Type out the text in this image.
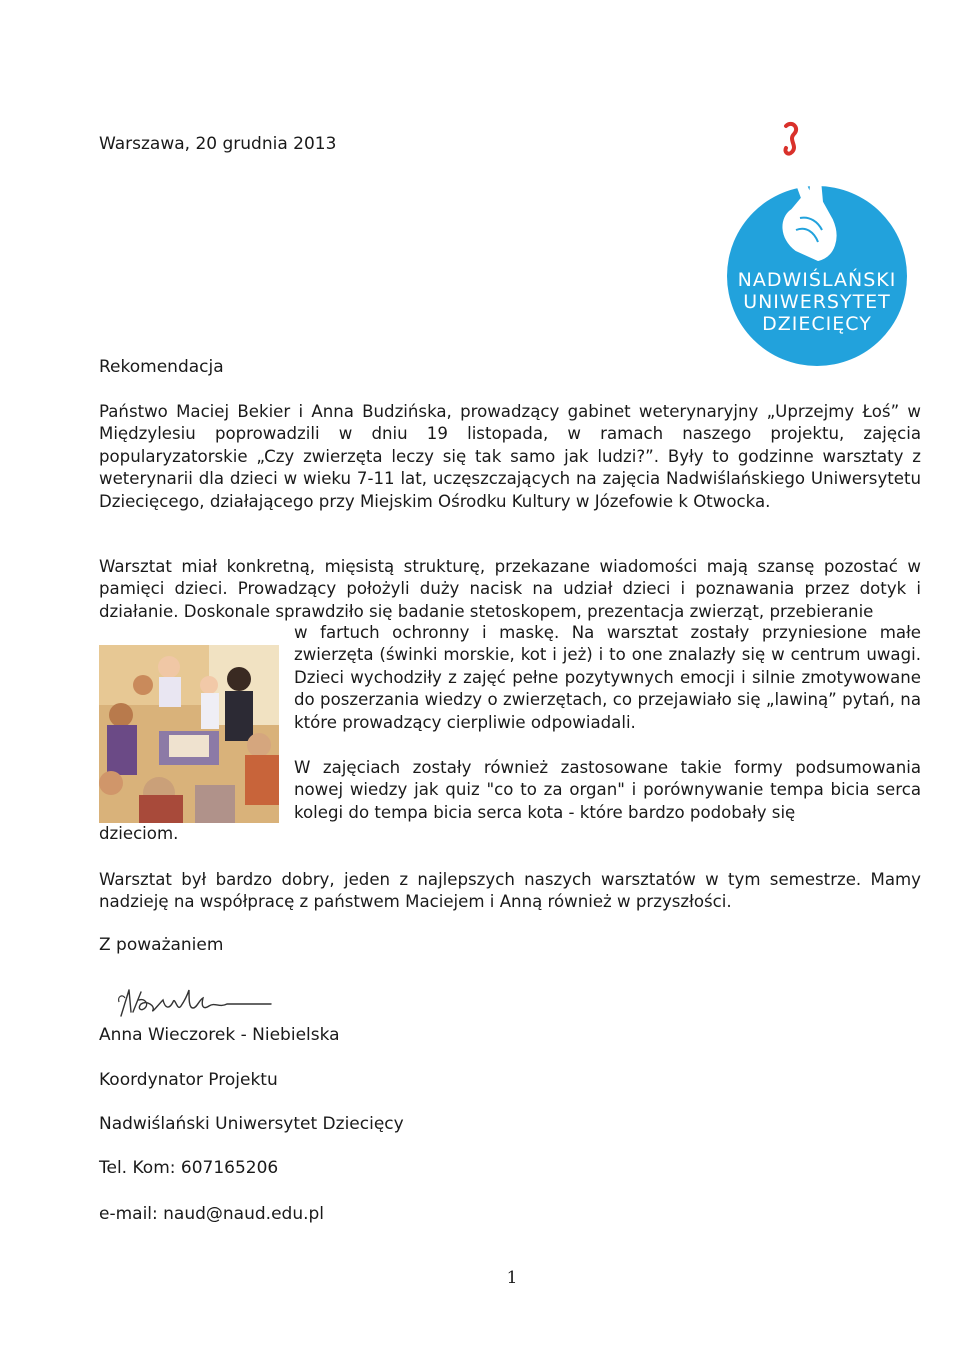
Warszawa, 20 grudnia 2013
NADWIŚLAŃSKI
UNIWERSYTET
DZIECIĘCY
Rekomendacja

Państwo Maciej Bekier i Anna Budzińska, prowadzący gabinet weterynaryjny „Uprzejmy Łoś” w Międzylesiu poprowadzili w dniu 19 listopada, w ramach naszego projektu, zajęcia popularyzatorskie „Czy zwierzęta leczy się tak samo jak ludzi?”. Były to godzinne warsztaty z weterynarii dla dzieci w wieku 7-11 lat, uczęszczających na zajęcia Nadwiślańskiego Uniwersytetu Dziecięcego, działającego przy Miejskim Ośrodku Kultury w Józefowie k Otwocka.

Warsztat miał konkretną, mięsistą strukturę, przekazane wiadomości mają szansę pozostać w pamięci dzieci. Prowadzący położyli duży nacisk na udział dzieci i poznawania przez dotyk i działanie. Doskonale sprawdziło się badanie stetoskopem, prezentacja zwierząt, przebieranie

w fartuch ochronny i maskę. Na warsztat zostały przyniesione małe zwierzęta (świnki morskie, kot i jeż) i to one znalazły się w centrum uwagi. Dzieci wychodziły z zajęć pełne pozytywnych emocji i silnie zmotywowane do poszerzania wiedzy o zwierzętach, co przejawiało się „lawiną” pytań, na które prowadzący cierpliwie odpowiadali.

W zajęciach zostały również zastosowane takie formy podsumowania nowej wiedzy jak quiz "co to za organ" i porównywanie tempa bicia serca kolegi do tempa bicia serca kota - które bardzo podobały się

dzieciom.

Warsztat był bardzo dobry, jeden z najlepszych naszych warsztatów w tym semestrze. Mamy nadzieję na współpracę z państwem Maciejem i Anną również w przyszłości.

Z poważaniem
Anna Wieczorek - Niebielska
Koordynator Projektu
Nadwiślański Uniwersytet Dziecięcy
Tel. Kom: 607165206
e-mail: naud@naud.edu.pl
1
